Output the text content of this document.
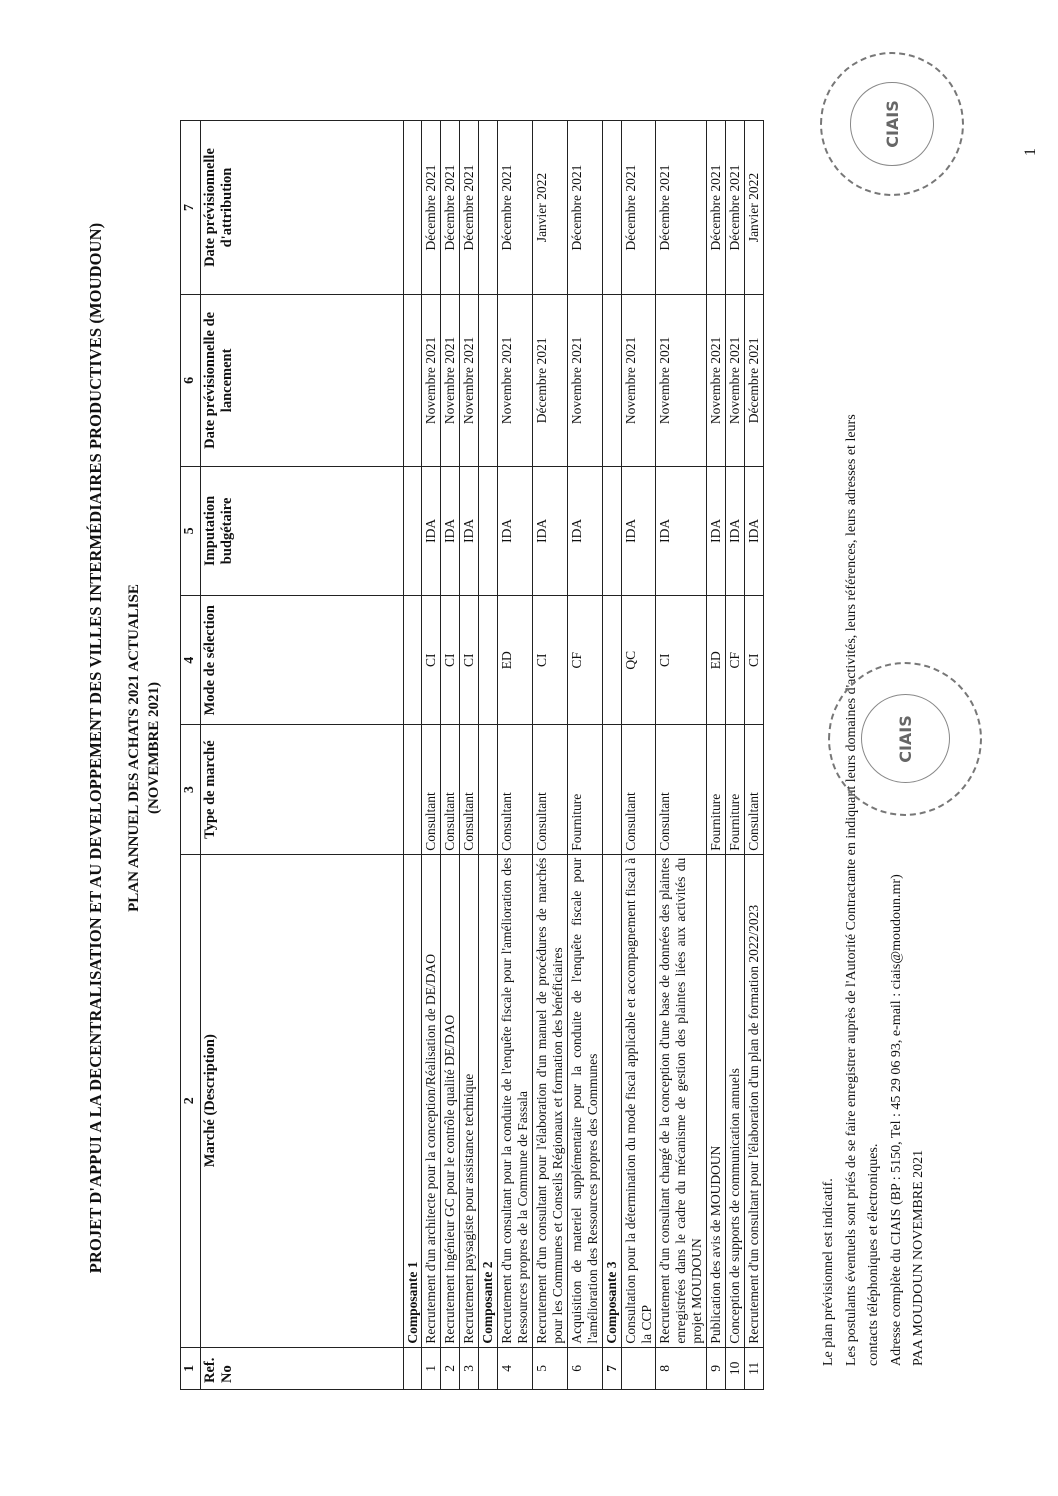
1
PROJET D'APPUI A LA DECENTRALISATION ET AU DEVELOPPEMENT DES VILLES INTERMÉDIAIRES PRODUCTIVES (MOUDOUN) PLAN ANNUEL DES ACHATS 2021 ACTUALISE (NOVEMBRE 2021)
1	2	3	4	5	6	7
Ref. No	Marché (Description)	Type de marché	Mode de sélection	Imputation budgétaire	Date prévisionnelle de lancement	Date prévisionnelle d'attribution
	Composante 1					
1	Recrutement d'un architecte pour la conception/Réalisation de DE/DAO	Consultant	CI	IDA	Novembre 2021	Décembre 2021
2	Recrutement ingénieur GC pour le contrôle qualité DE/DAO	Consultant	CI	IDA	Novembre 2021	Décembre 2021
3	Recrutement paysagiste pour assistance technique	Consultant	CI	IDA	Novembre 2021	Décembre 2021
	Composante 2					
4	Recrutement d'un consultant pour la conduite de l'enquête fiscale pour l'amélioration des Ressources propres de la Commune de Fassala	Consultant	ED	IDA	Novembre 2021	Décembre 2021
5	Recrutement d'un consultant pour l'élaboration d'un manuel de procédures de marchés pour les Communes et Conseils Régionaux et formation des bénéficiaires	Consultant	CI	IDA	Décembre 2021	Janvier 2022
6	Acquisition de materiel supplémentaire pour la conduite de l'enquête fiscale pour l'amélioration des Ressources propres des Communes	Fourniture	CF	IDA	Novembre 2021	Décembre 2021
7	Composante 3					
	Consultation pour la détermination du mode fiscal applicable et accompagnement fiscal à la CCP	Consultant	QC	IDA	Novembre 2021	Décembre 2021
8	Recrutement d'un consultant chargé de la conception d'une base de données des plaintes enregistrées dans le cadre du mécanisme de gestion des plaintes liées aux activités du projet MOUDOUN	Consultant	CI	IDA	Novembre 2021	Décembre 2021
9	Publication des avis de MOUDOUN	Fourniture	ED	IDA	Novembre 2021	Décembre 2021
10	Conception de supports de communication annuels	Fourniture	CF	IDA	Novembre 2021	Décembre 2021
11	Recrutement d'un consultant pour l'élaboration d'un plan de formation 2022/2023	Consultant	CI	IDA	Décembre 2021	Janvier 2022

Le plan prévisionnel est indicatif. Les postulants éventuels sont priés de se faire enregistrer auprès de l'Autorité Contractante en indiquant leurs domaines d'activités, leurs références, leurs adresses et leurs contacts téléphoniques et électroniques. Adresse complète du CIAIS (BP : 5150, Tel : 45 29 06 93, e-mail : ciais@moudoun.mr) PAA MOUDOUN NOVEMBRE 2021

CIAIS
CIAIS
